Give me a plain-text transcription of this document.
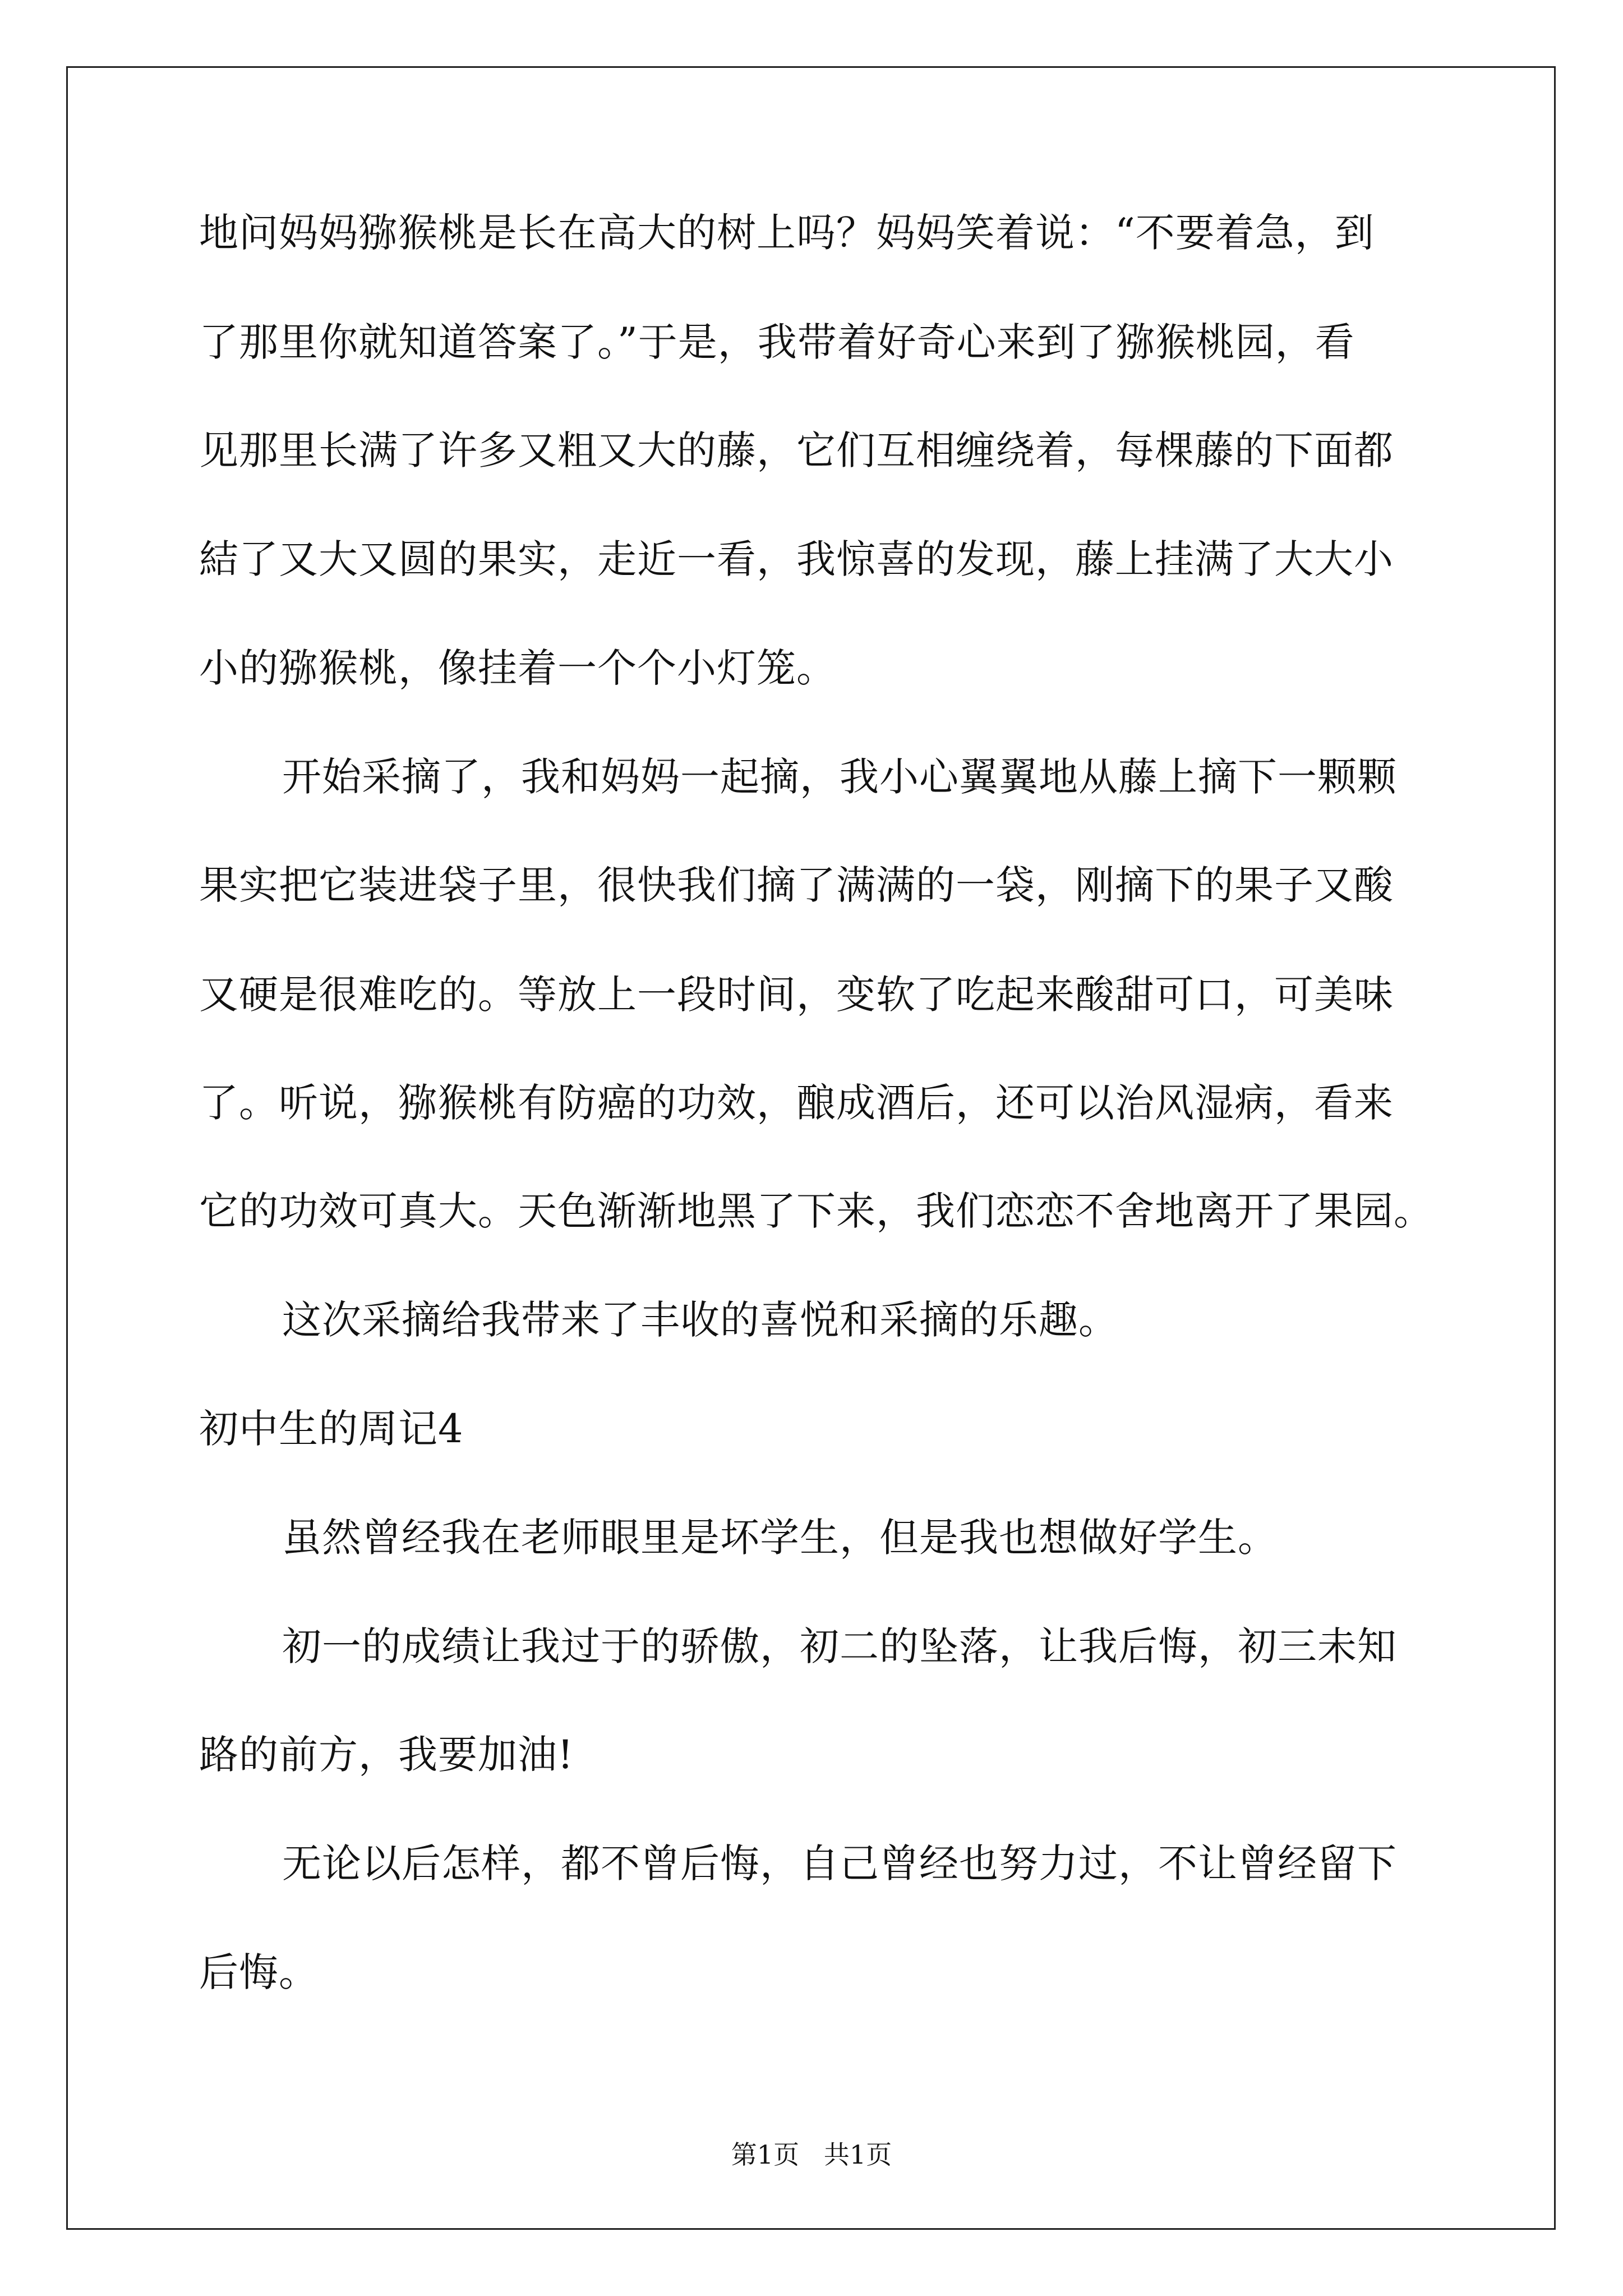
地问妈妈猕猴桃是长在高大的树上吗？妈妈笑着说：“不要着急，到
了那里你就知道答案了。”于是，我带着好奇心来到了猕猴桃园，看
见那里长满了许多又粗又大的藤，它们互相缠绕着，每棵藤的下面都
結了又大又圆的果实，走近一看，我惊喜的发现，藤上挂满了大大小
小的猕猴桃，像挂着一个个小灯笼。
开始采摘了，我和妈妈一起摘，我小心翼翼地从藤上摘下一颗颗
果实把它装进袋子里，很快我们摘了满满的一袋，刚摘下的果子又酸
又硬是很难吃的。等放上一段时间，变软了吃起来酸甜可口，可美味
了。听说，猕猴桃有防癌的功效，酿成酒后，还可以治风湿病，看来
它的功效可真大。天色渐渐地黑了下来，我们恋恋不舍地离开了果园。
这次采摘给我带来了丰收的喜悦和采摘的乐趣。
初中生的周记4
虽然曾经我在老师眼里是坏学生，但是我也想做好学生。
初一的成绩让我过于的骄傲，初二的坠落，让我后悔，初三未知
路的前方，我要加油!
无论以后怎样，都不曾后悔，自己曾经也努力过，不让曾经留下
后悔。
第1页   共1页
